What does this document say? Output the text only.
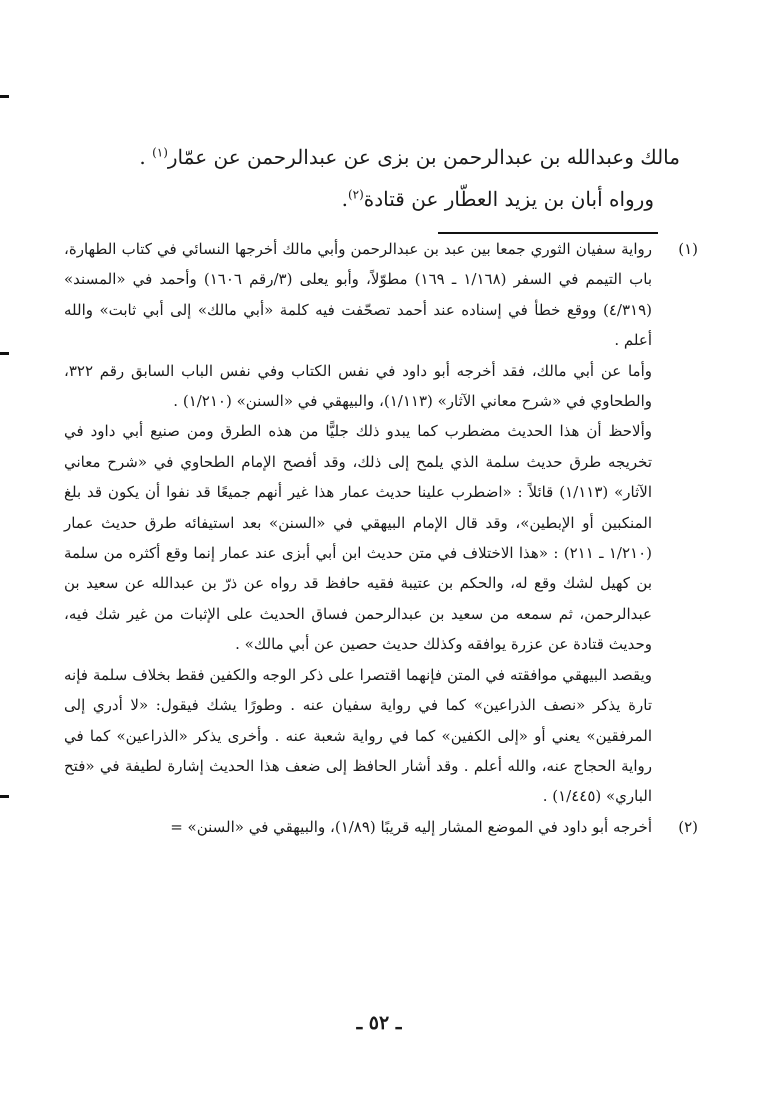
مالك وعبدالله بن عبدالرحمن بن بزى عن عبدالرحمن عن عمّار$^{(١)}$ .

ورواه أبان بن يزيد العطّار عن قتادة$^{(٢)}$.

(١)

رواية سفيان الثوري جمعا بين عبد بن عبدالرحمن وأبي مالك أخرجها النسائي في كتاب الطهارة، باب التيمم في السفر (١/١٦٨ ـ ١٦٩) مطوّلاً، وأبو يعلى (٣/رقم ١٦٠٦) وأحمد في «المسند» (٤/٣١٩) ووقع خطأ في إسناده عند أحمد تصحّفت فيه كلمة «أبي مالك» إلى أبي ثابت» والله أعلم .

وأما عن أبي مالك، فقد أخرجه أبو داود في نفس الكتاب وفي نفس الباب السابق رقم ٣٢٢، والطحاوي في «شرح معاني الآثار» (١/١١٣)، والبيهقي في «السنن» (١/٢١٠) .

وألاحظ أن هذا الحديث مضطرب كما يبدو ذلك جليًّا من هذه الطرق ومن صنيع أبي داود في تخريجه طرق حديث سلمة الذي يلمح إلى ذلك، وقد أفصح الإمام الطحاوي في «شرح معاني الآثار» (١/١١٣) قائلاً : «اضطرب علينا حديث عمار هذا غير أنهم جميعًا قد نفوا أن يكون قد بلغ المنكبين أو الإبطين»، وقد قال الإمام البيهقي في «السنن» بعد استيفائه طرق حديث عمار (١/٢١٠ ـ ٢١١) : «هذا الاختلاف في متن حديث ابن أبي أبزى عند عمار إنما وقع أكثره من سلمة بن كهيل لشك وقع له، والحكم بن عتيبة فقيه حافظ قد رواه عن ذرّ بن عبدالله عن سعيد بن عبدالرحمن، ثم سمعه من سعيد بن عبدالرحمن فساق الحديث على الإثبات من غير شك فيه، وحديث قتادة عن عزرة يوافقه وكذلك حديث حصين عن أبي مالك» .

ويقصد البيهقي موافقته في المتن فإنهما اقتصرا على ذكر الوجه والكفين فقط بخلاف سلمة فإنه تارة يذكر «نصف الذراعين» كما في رواية سفيان عنه . وطورًا يشك فيقول: «لا أدري إلى المرفقين» يعني أو «إلى الكفين» كما في رواية شعبة عنه . وأخرى يذكر «الذراعين» كما في رواية الحجاج عنه، والله أعلم . وقد أشار الحافظ إلى ضعف هذا الحديث إشارة لطيفة في «فتح الباري» (١/٤٤٥) .

(٢)

أخرجه أبو داود في الموضع المشار إليه قريبًا (١/٨٩)، والبيهقي في «السنن» =

ـ ٥٢ ـ
